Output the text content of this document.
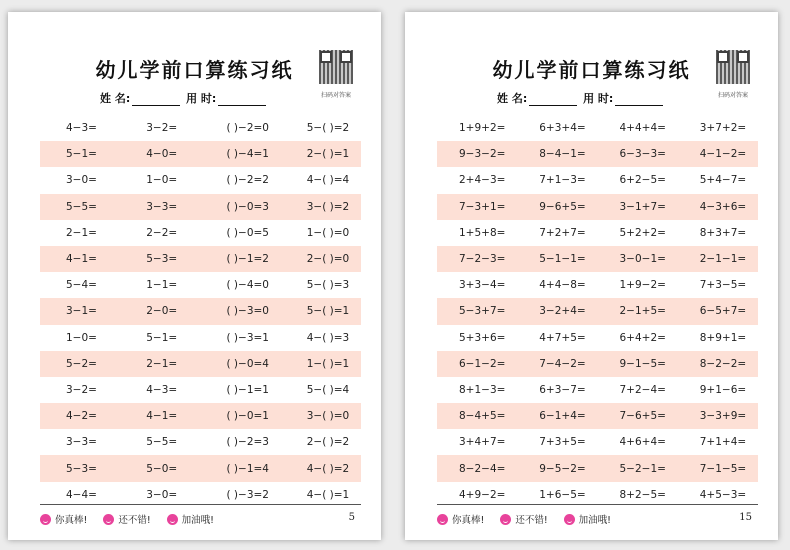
幼儿学前口算练习纸
扫码对答案
姓 名:	用 时:
4−3=	3−2=	( )−2=0	5−( )=2
5−1=	4−0=	( )−4=1	2−( )=1
3−0=	1−0=	( )−2=2	4−( )=4
5−5=	3−3=	( )−0=3	3−( )=2
2−1=	2−2=	( )−0=5	1−( )=0
4−1=	5−3=	( )−1=2	2−( )=0
5−4=	1−1=	( )−4=0	5−( )=3
3−1=	2−0=	( )−3=0	5−( )=1
1−0=	5−1=	( )−3=1	4−( )=3
5−2=	2−1=	( )−0=4	1−( )=1
3−2=	4−3=	( )−1=1	5−( )=4
4−2=	4−1=	( )−0=1	3−( )=0
3−3=	5−5=	( )−2=3	2−( )=2
5−3=	5−0=	( )−1=4	4−( )=2
4−4=	3−0=	( )−3=2	4−( )=1
你真棒!	还不错!	加油哦!	5
幼儿学前口算练习纸
扫码对答案
姓 名:	用 时:
1+9+2=	6+3+4=	4+4+4=	3+7+2=
9−3−2=	8−4−1=	6−3−3=	4−1−2=
2+4−3=	7+1−3=	6+2−5=	5+4−7=
7−3+1=	9−6+5=	3−1+7=	4−3+6=
1+5+8=	7+2+7=	5+2+2=	8+3+7=
7−2−3=	5−1−1=	3−0−1=	2−1−1=
3+3−4=	4+4−8=	1+9−2=	7+3−5=
5−3+7=	3−2+4=	2−1+5=	6−5+7=
5+3+6=	4+7+5=	6+4+2=	8+9+1=
6−1−2=	7−4−2=	9−1−5=	8−2−2=
8+1−3=	6+3−7=	7+2−4=	9+1−6=
8−4+5=	6−1+4=	7−6+5=	3−3+9=
3+4+7=	7+3+5=	4+6+4=	7+1+4=
8−2−4=	9−5−2=	5−2−1=	7−1−5=
4+9−2=	1+6−5=	8+2−5=	4+5−3=
你真棒!	还不错!	加油哦!	15
